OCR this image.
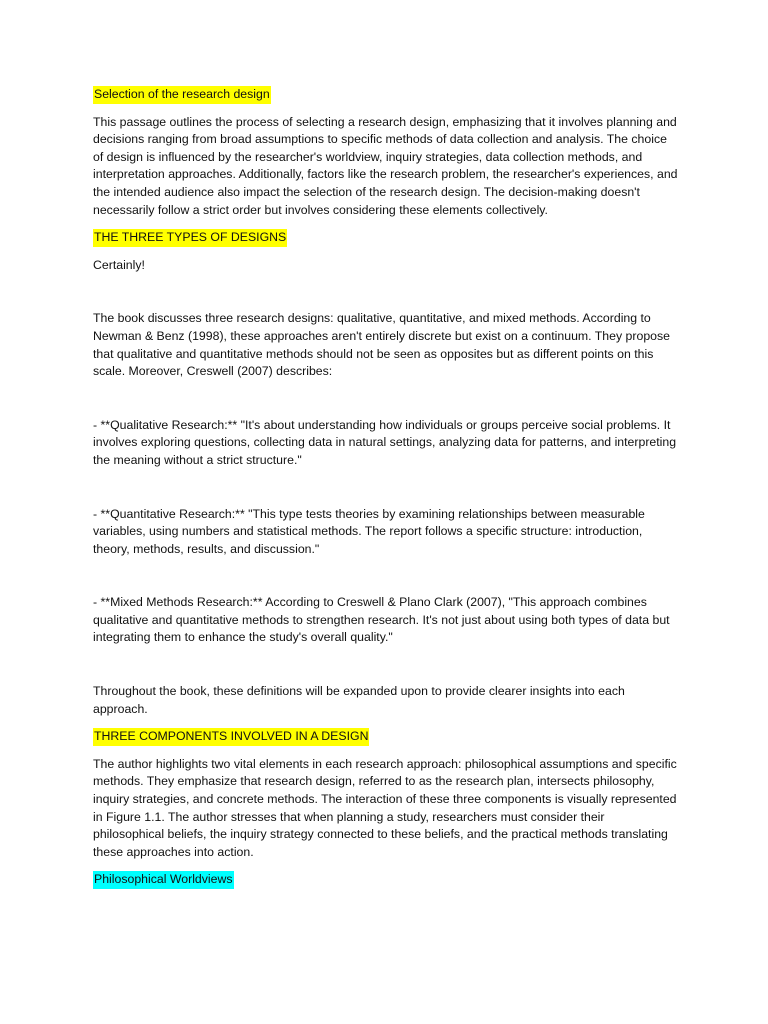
Selection of the research design

This passage outlines the process of selecting a research design, emphasizing that it involves planning and decisions ranging from broad assumptions to specific methods of data collection and analysis. The choice of design is influenced by the researcher's worldview, inquiry strategies, data collection methods, and interpretation approaches. Additionally, factors like the research problem, the researcher's experiences, and the intended audience also impact the selection of the research design. The decision-making doesn't necessarily follow a strict order but involves considering these elements collectively.

THE THREE TYPES OF DESIGNS

Certainly!

The book discusses three research designs: qualitative, quantitative, and mixed methods. According to Newman & Benz (1998), these approaches aren't entirely discrete but exist on a continuum. They propose that qualitative and quantitative methods should not be seen as opposites but as different points on this scale. Moreover, Creswell (2007) describes:

- **Qualitative Research:** "It's about understanding how individuals or groups perceive social problems. It involves exploring questions, collecting data in natural settings, analyzing data for patterns, and interpreting the meaning without a strict structure."

- **Quantitative Research:** "This type tests theories by examining relationships between measurable variables, using numbers and statistical methods. The report follows a specific structure: introduction, theory, methods, results, and discussion."

- **Mixed Methods Research:** According to Creswell & Plano Clark (2007), "This approach combines qualitative and quantitative methods to strengthen research. It's not just about using both types of data but integrating them to enhance the study's overall quality."

Throughout the book, these definitions will be expanded upon to provide clearer insights into each approach.

THREE COMPONENTS INVOLVED IN A DESIGN

The author highlights two vital elements in each research approach: philosophical assumptions and specific methods. They emphasize that research design, referred to as the research plan, intersects philosophy, inquiry strategies, and concrete methods. The interaction of these three components is visually represented in Figure 1.1. The author stresses that when planning a study, researchers must consider their philosophical beliefs, the inquiry strategy connected to these beliefs, and the practical methods translating these approaches into action.

Philosophical Worldviews
